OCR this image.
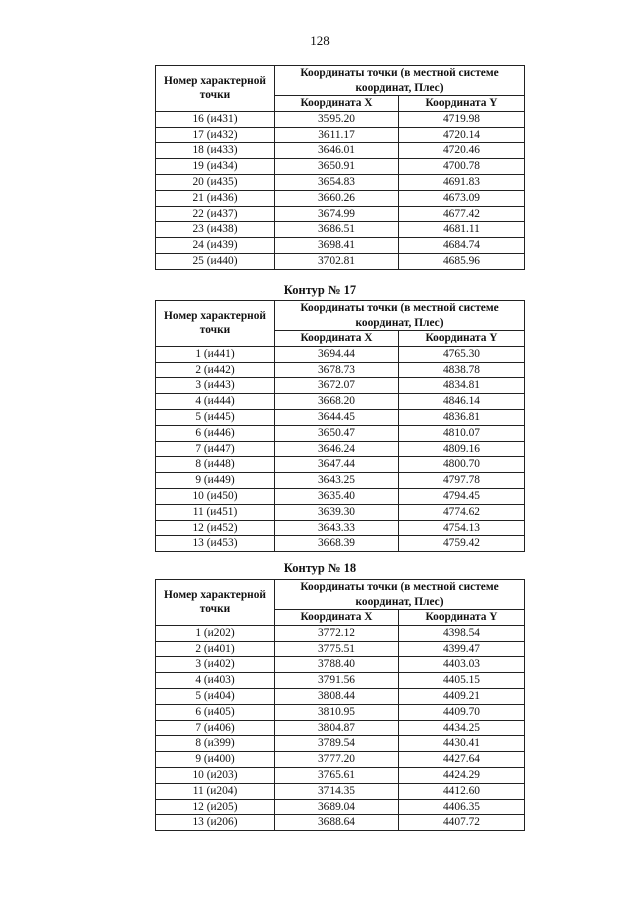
128
Номер характерной точки	Координаты точки (в местной системе координат, Плес)	
	Координата X	Координата Y
16 (и431)	3595.20	4719.98
17 (и432)	3611.17	4720.14
18 (и433)	3646.01	4720.46
19 (и434)	3650.91	4700.78
20 (и435)	3654.83	4691.83
21 (и436)	3660.26	4673.09
22 (и437)	3674.99	4677.42
23 (и438)	3686.51	4681.11
24 (и439)	3698.41	4684.74
25 (и440)	3702.81	4685.96
Контур № 17
Номер характерной точки	Координаты точки (в местной системе координат, Плес)	
	Координата X	Координата Y
1 (и441)	3694.44	4765.30
2 (и442)	3678.73	4838.78
3 (и443)	3672.07	4834.81
4 (и444)	3668.20	4846.14
5 (и445)	3644.45	4836.81
6 (и446)	3650.47	4810.07
7 (и447)	3646.24	4809.16
8 (и448)	3647.44	4800.70
9 (и449)	3643.25	4797.78
10 (и450)	3635.40	4794.45
11 (и451)	3639.30	4774.62
12 (и452)	3643.33	4754.13
13 (и453)	3668.39	4759.42
Контур № 18
Номер характерной точки	Координаты точки (в местной системе координат, Плес)	
	Координата X	Координата Y
1 (и202)	3772.12	4398.54
2 (и401)	3775.51	4399.47
3 (и402)	3788.40	4403.03
4 (и403)	3791.56	4405.15
5 (и404)	3808.44	4409.21
6 (и405)	3810.95	4409.70
7 (и406)	3804.87	4434.25
8 (и399)	3789.54	4430.41
9 (и400)	3777.20	4427.64
10 (и203)	3765.61	4424.29
11 (и204)	3714.35	4412.60
12 (и205)	3689.04	4406.35
13 (и206)	3688.64	4407.72
